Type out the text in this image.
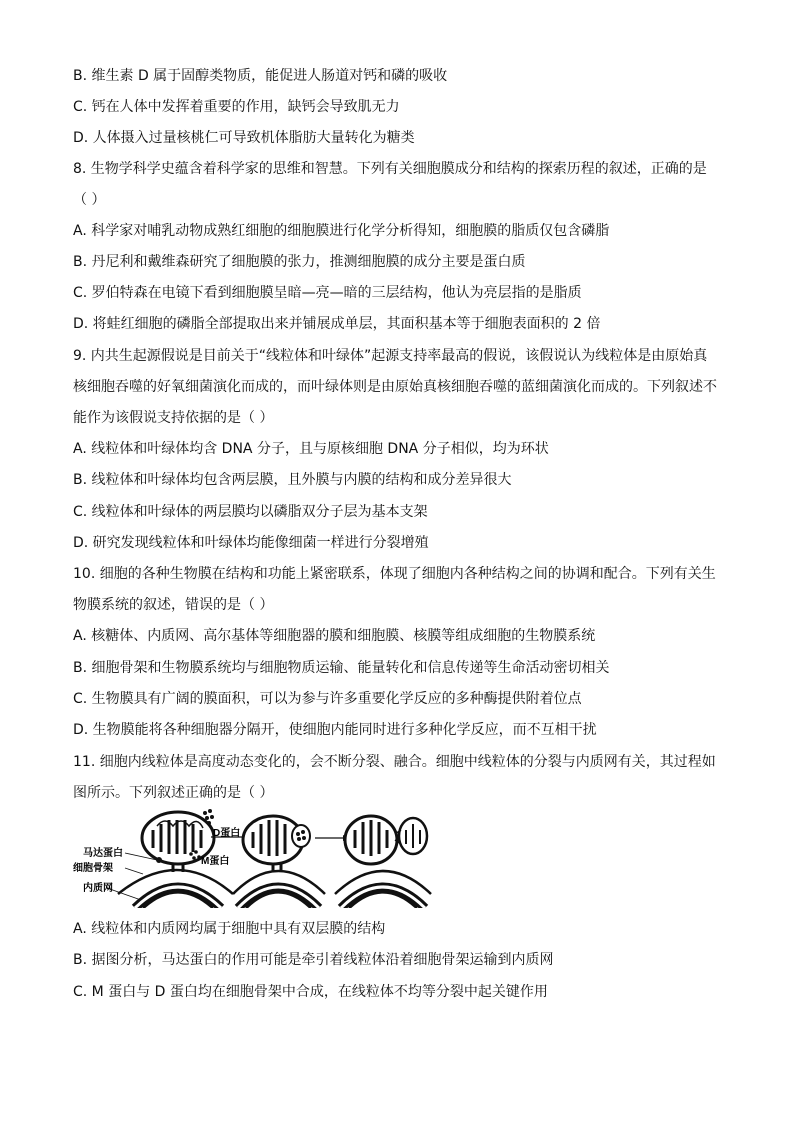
B. 维生素 D 属于固醇类物质，能促进人肠道对钙和磷的吸收
C. 钙在人体中发挥着重要的作用，缺钙会导致肌无力
D. 人体摄入过量核桃仁可导致机体脂肪大量转化为糖类
8. 生物学科学史蕴含着科学家的思维和智慧。下列有关细胞膜成分和结构的探索历程的叙述，正确的是
（ ）
A. 科学家对哺乳动物成熟红细胞的细胞膜进行化学分析得知，细胞膜的脂质仅包含磷脂
B. 丹尼利和戴维森研究了细胞膜的张力，推测细胞膜的成分主要是蛋白质
C. 罗伯特森在电镜下看到细胞膜呈暗—亮—暗的三层结构，他认为亮层指的是脂质
D. 将蛙红细胞的磷脂全部提取出来并铺展成单层，其面积基本等于细胞表面积的 2 倍
9. 内共生起源假说是目前关于“线粒体和叶绿体”起源支持率最高的假说，该假说认为线粒体是由原始真
核细胞吞噬的好氧细菌演化而成的，而叶绿体则是由原始真核细胞吞噬的蓝细菌演化而成的。下列叙述不
能作为该假说支持依据的是（ ）
A. 线粒体和叶绿体均含 DNA 分子，且与原核细胞 DNA 分子相似，均为环状
B. 线粒体和叶绿体均包含两层膜，且外膜与内膜的结构和成分差异很大
C. 线粒体和叶绿体的两层膜均以磷脂双分子层为基本支架
D. 研究发现线粒体和叶绿体均能像细菌一样进行分裂增殖
10. 细胞的各种生物膜在结构和功能上紧密联系，体现了细胞内各种结构之间的协调和配合。下列有关生
物膜系统的叙述，错误的是（ ）
A. 核糖体、内质网、高尔基体等细胞器的膜和细胞膜、核膜等组成细胞的生物膜系统
B. 细胞骨架和生物膜系统均与细胞物质运输、能量转化和信息传递等生命活动密切相关
C. 生物膜具有广阔的膜面积，可以为参与许多重要化学反应的多种酶提供附着位点
D. 生物膜能将各种细胞器分隔开，使细胞内能同时进行多种化学反应，而不互相干扰
11. 细胞内线粒体是高度动态变化的，会不断分裂、融合。细胞中线粒体的分裂与内质网有关，其过程如
图所示。下列叙述正确的是（ ）
D蛋白
M蛋白
马达蛋白
细胞骨架
内质网
A. 线粒体和内质网均属于细胞中具有双层膜的结构
B. 据图分析，马达蛋白的作用可能是牵引着线粒体沿着细胞骨架运输到内质网
C. M 蛋白与 D 蛋白均在细胞骨架中合成，在线粒体不均等分裂中起关键作用
